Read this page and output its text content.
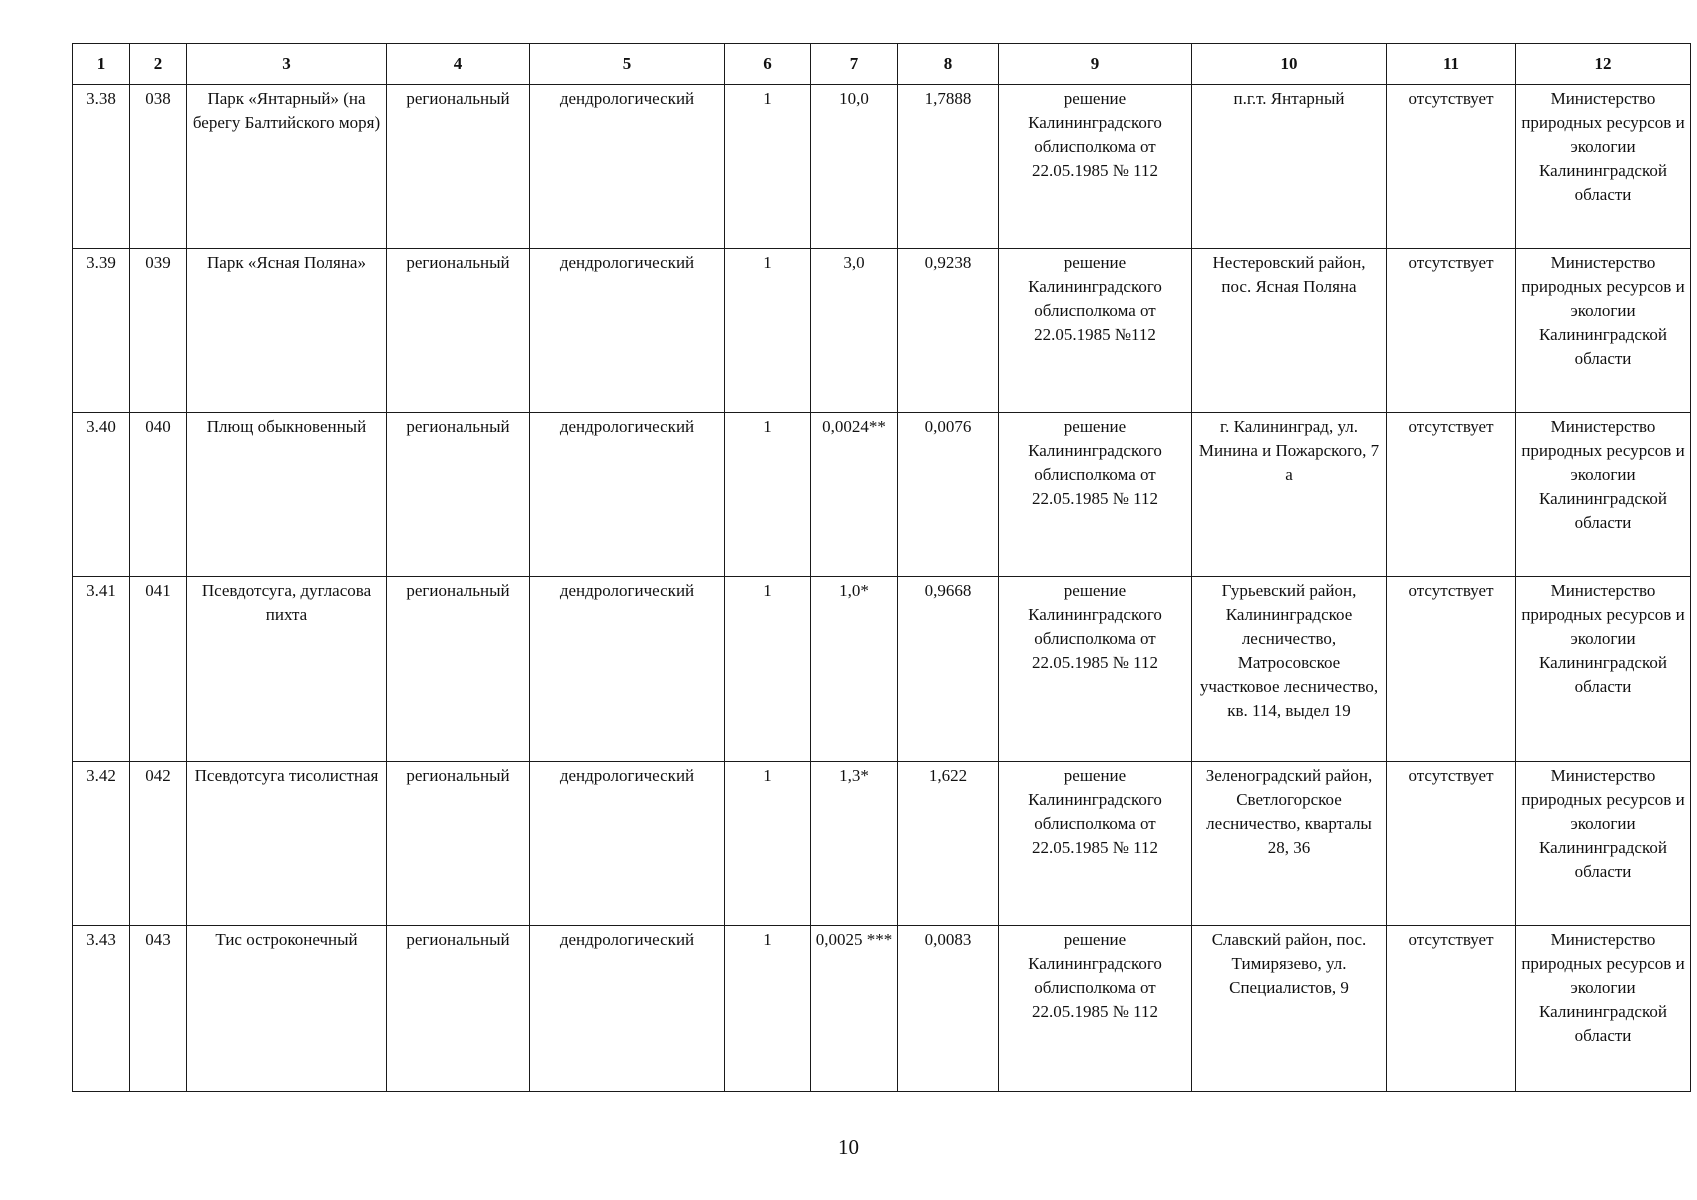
1	2	3	4	5	6	7	8	9	10	11	12
3.38	038	Парк «Янтарный» (на берегу Балтийского моря)	региональный	дендрологический	1	10,0	1,7888	решение Калининградского облисполкома от 22.05.1985 № 112	п.г.т. Янтарный	отсутствует	Министерство природных ресурсов и экологии Калининградской области
3.39	039	Парк «Ясная Поляна»	региональный	дендрологический	1	3,0	0,9238	решение Калининградского облисполкома от 22.05.1985 №112	Нестеровский район, пос. Ясная Поляна	отсутствует	Министерство природных ресурсов и экологии Калининградской области
3.40	040	Плющ обыкновенный	региональный	дендрологический	1	0,0024**	0,0076	решение Калининградского облисполкома от 22.05.1985 № 112	г. Калининград, ул. Минина и Пожарского, 7 а	отсутствует	Министерство природных ресурсов и экологии Калининградской области
3.41	041	Псевдотсуга, дугласова пихта	региональный	дендрологический	1	1,0*	0,9668	решение Калининградского облисполкома от 22.05.1985 № 112	Гурьевский район, Калининградское лесничество, Матросовское участковое лесничество, кв. 114, выдел 19	отсутствует	Министерство природных ресурсов и экологии Калининградской области
3.42	042	Псевдотсуга тисолистная	региональный	дендрологический	1	1,3*	1,622	решение Калининградского облисполкома от 22.05.1985 № 112	Зеленоградский район, Светлогорское лесничество, кварталы 28, 36	отсутствует	Министерство природных ресурсов и экологии Калининградской области
3.43	043	Тис остроконечный	региональный	дендрологический	1	0,0025 ***	0,0083	решение Калининградского облисполкома от 22.05.1985 № 112	Славский район, пос. Тимирязево, ул. Специалистов, 9	отсутствует	Министерство природных ресурсов и экологии Калининградской области
10
